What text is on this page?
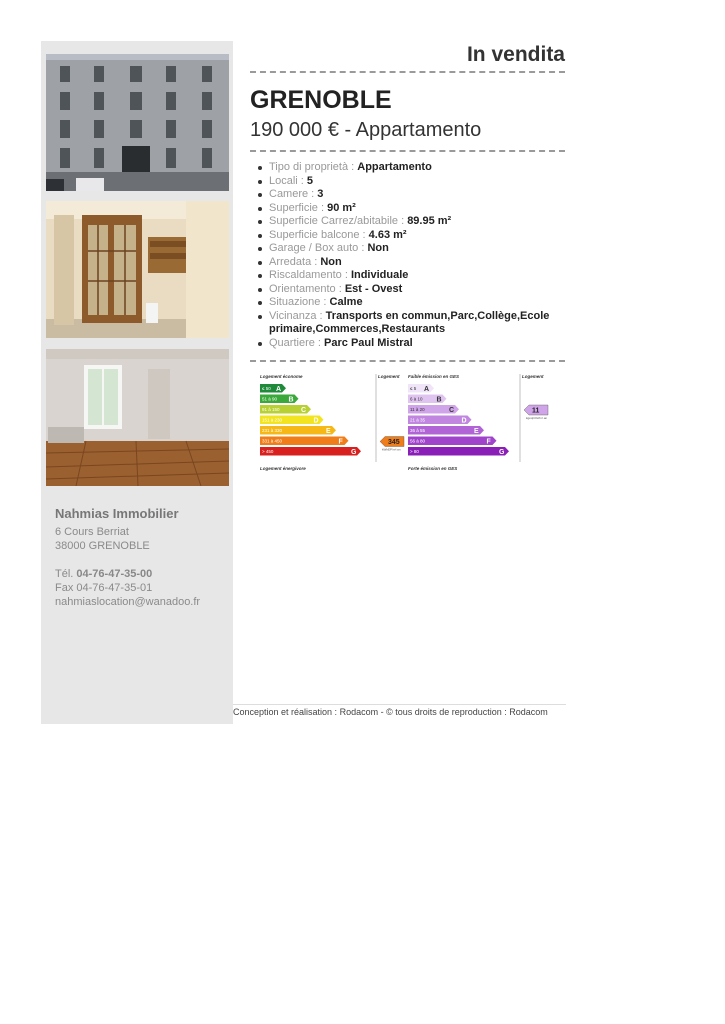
Nahmias Immobilier
6 Cours Berriat
38000 GRENOBLE
Tél. 04-76-47-35-00
Fax 04-76-47-35-01
nahmiaslocation@wanadoo.fr
In vendita
GRENOBLE
190 000 € - Appartamento
Tipo di proprietà : Appartamento
Locali : 5
Camere : 3
Superficie : 90 m²
Superficie Carrez/abitabile : 89.95 m²
Superficie balcone : 4.63 m²
Garage / Box auto : Non
Arredata : Non
Riscaldamento : Individuale
Orientamento : Est - Ovest
Situazione : Calme
Vicinanza : Transports en commun,Parc,Collège,Ecole primaire,Commerces,Restaurants
Quartiere : Parc Paul Mistral
Logement économe	Logement
≤ 50 A
51 à 90 B
91 à 150	C
151 à 230	D
231 à 330	E
331 à 450	F
> 450	G
345
kWhEP/m².an
Logement énergivore
Faible émission en GES	Logement
≤ 5 A
6 à 10 B
11 à 20	C
21 à 35	D
36 à 55	E
56 à 80	F
> 80	G
11
kgéqCO2/m².an
Forte émission en GES
Conception et réalisation : Rodacom - © tous droits de reproduction : Rodacom
